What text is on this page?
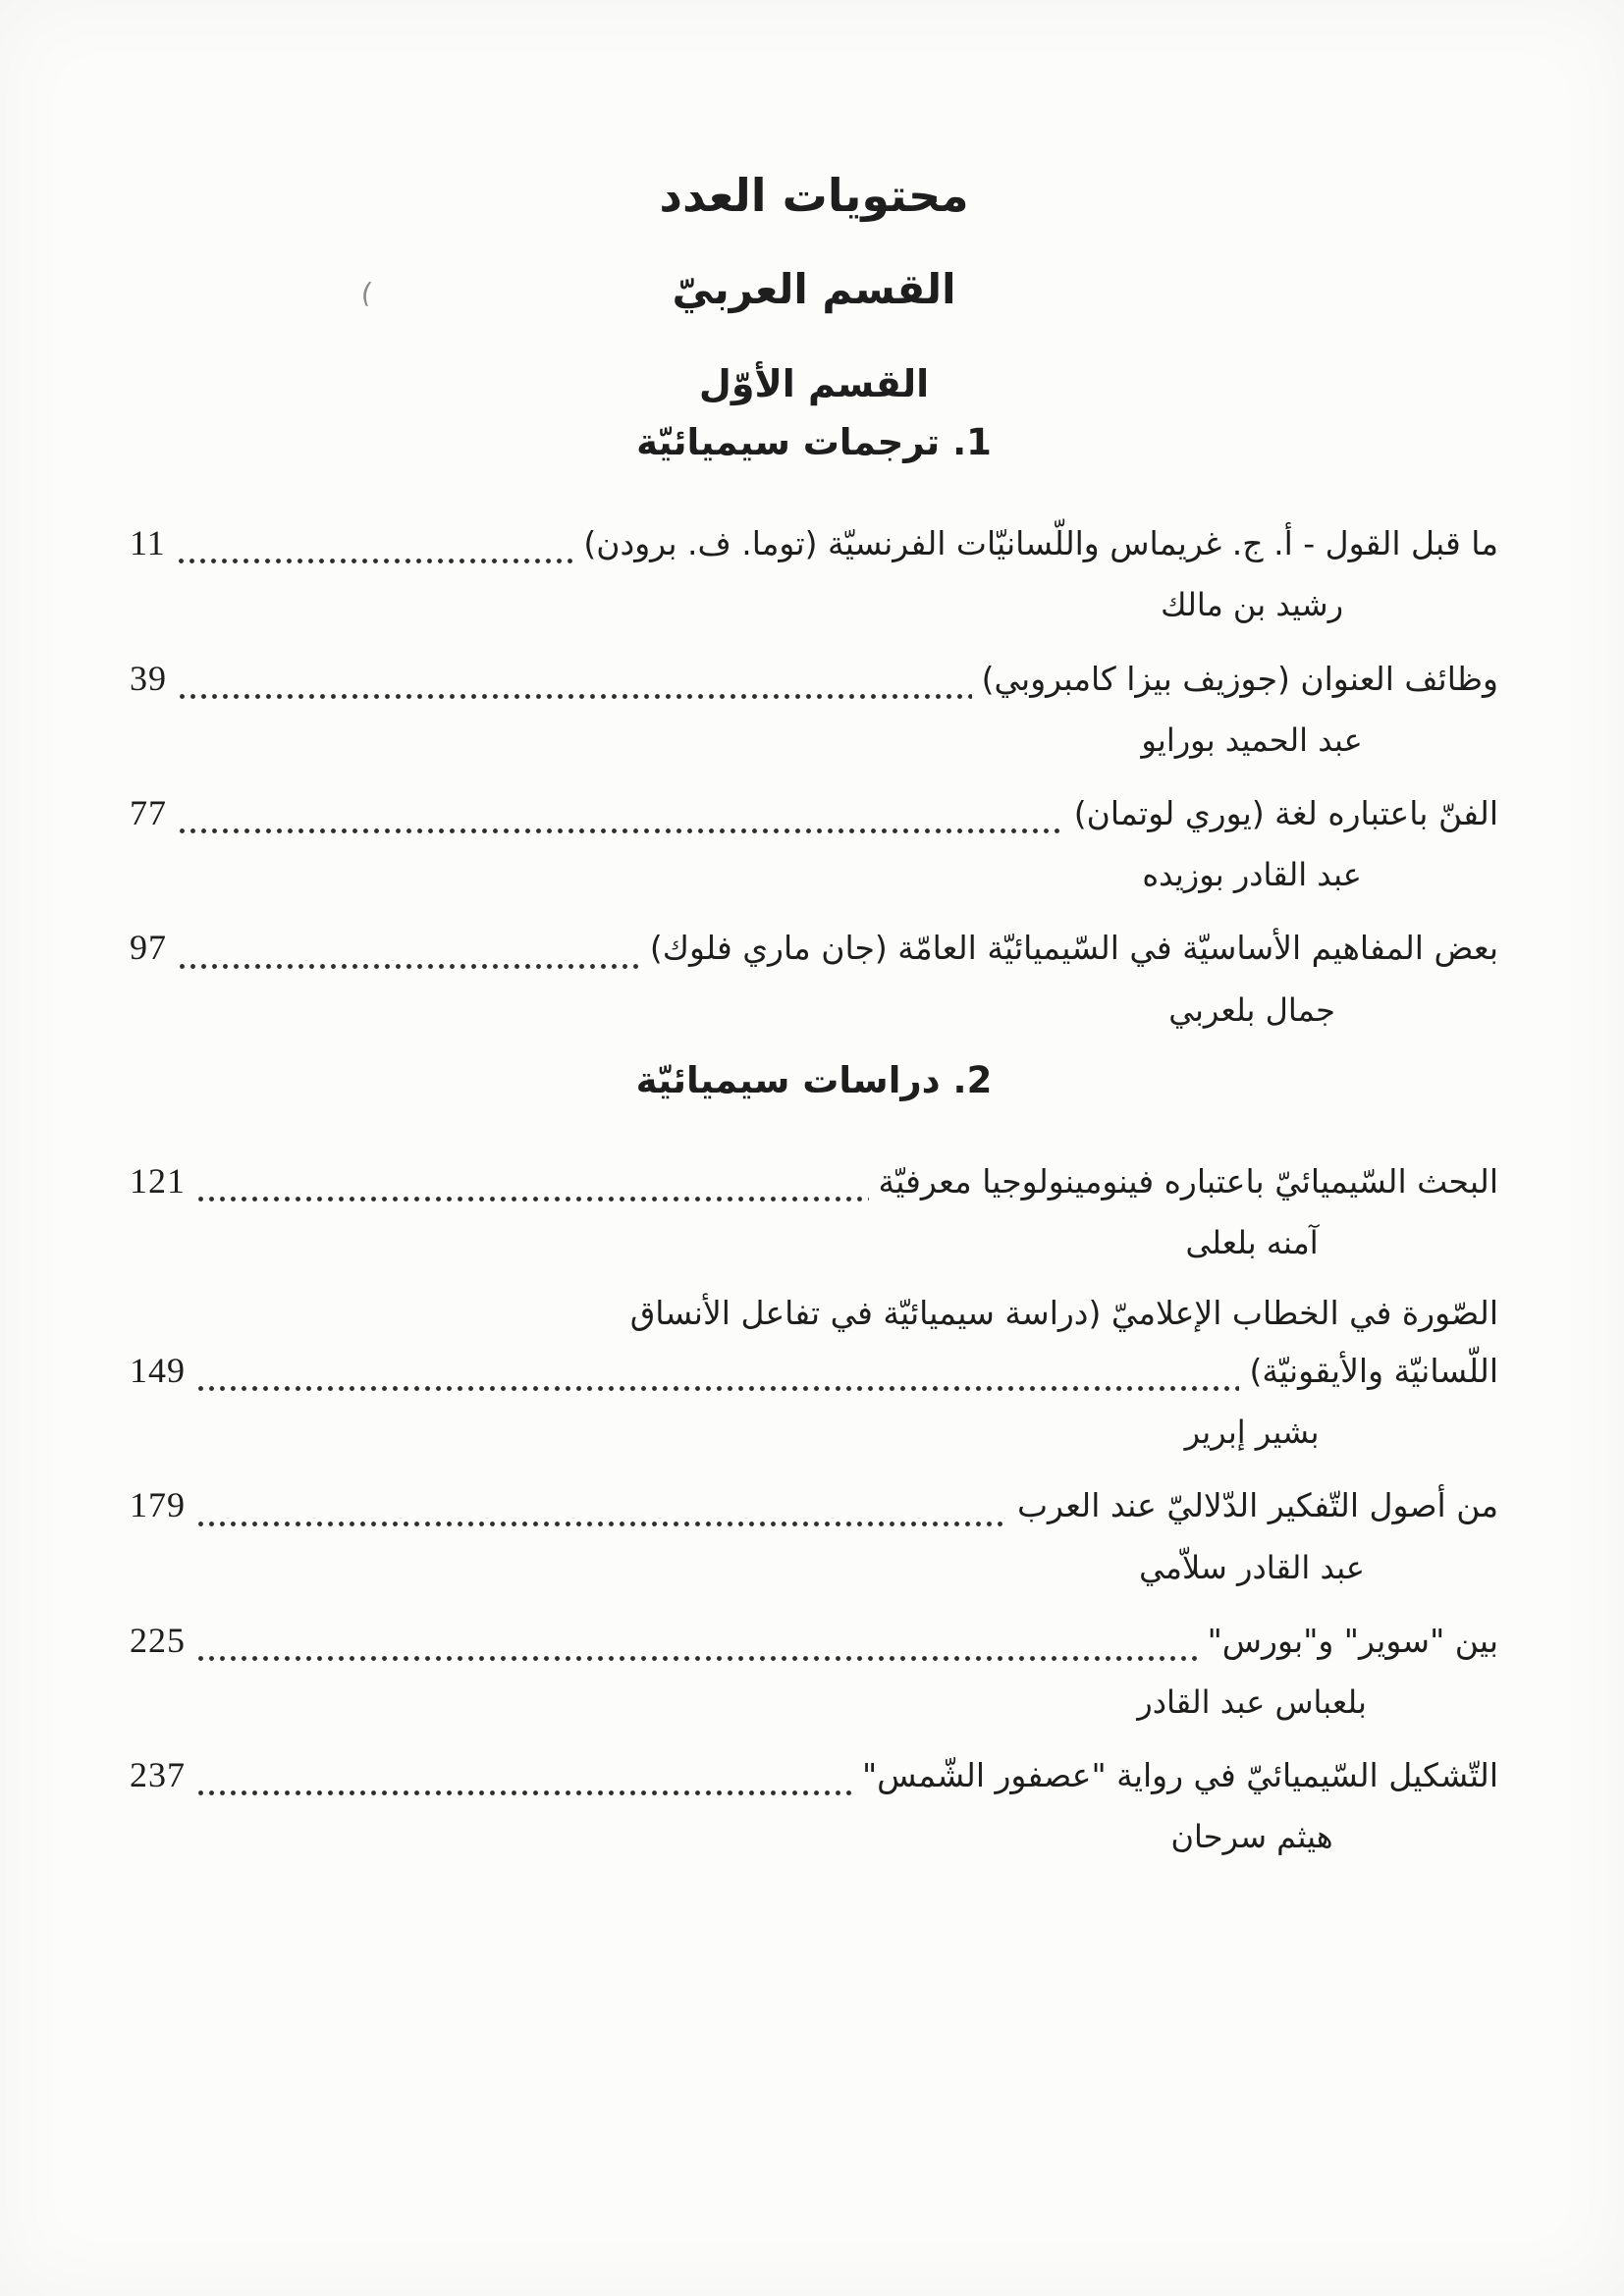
(
محتويات العدد
القسم العربيّ
القسم الأوّل
1. ترجمات سيميائيّة
ما قبل القول - أ. ج. غريماس واللّسانيّات الفرنسيّة (توما. ف. برودن)
11
رشيد بن مالك
وظائف العنوان (جوزيف بيزا كامبروبي)
39
عبد الحميد بورايو
الفنّ باعتباره لغة (يوري لوتمان)
77
عبد القادر بوزيده
بعض المفاهيم الأساسيّة في السّيميائيّة العامّة (جان ماري فلوك)
97
جمال بلعربي
2. دراسات سيميائيّة
البحث السّيميائيّ باعتباره فينومينولوجيا معرفيّة
121
آمنه بلعلى
الصّورة في الخطاب الإعلاميّ (دراسة سيميائيّة في تفاعل الأنساق
اللّسانيّة والأيقونيّة)
149
بشير إبرير
من أصول التّفكير الدّلاليّ عند العرب
179
عبد القادر سلاّمي
بين "سوير" و"بورس"
225
بلعباس عبد القادر
التّشكيل السّيميائيّ في رواية "عصفور الشّمس"
237
هيثم سرحان
